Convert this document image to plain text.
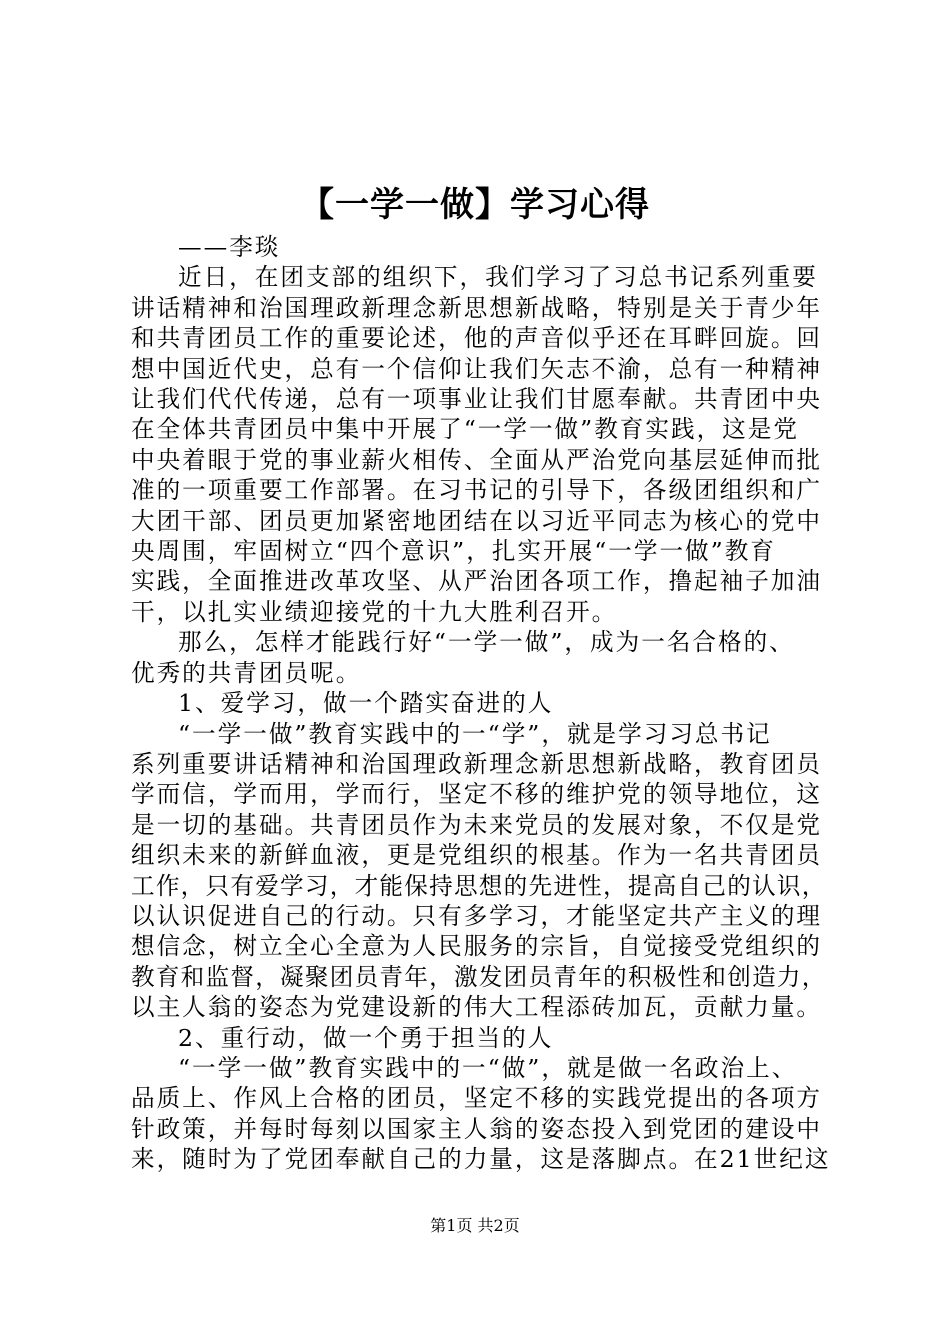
【一学一做】学习心得
——李琰
近日，在团支部的组织下，我们学习了习总书记系列重要
讲话精神和治国理政新理念新思想新战略，特别是关于青少年
和共青团员工作的重要论述，他的声音似乎还在耳畔回旋。回
想中国近代史，总有一个信仰让我们矢志不渝，总有一种精神
让我们代代传递，总有一项事业让我们甘愿奉献。共青团中央
在全体共青团员中集中开展了“一学一做”教育实践，这是党
中央着眼于党的事业薪火相传、全面从严治党向基层延伸而批
准的一项重要工作部署。在习书记的引导下，各级团组织和广
大团干部、团员更加紧密地团结在以习近平同志为核心的党中
央周围，牢固树立“四个意识”，扎实开展“一学一做”教育
实践，全面推进改革攻坚、从严治团各项工作，撸起袖子加油
干，以扎实业绩迎接党的十九大胜利召开。
那么，怎样才能践行好“一学一做”，成为一名合格的、
优秀的共青团员呢。
1、爱学习，做一个踏实奋进的人
“一学一做”教育实践中的一“学”，就是学习习总书记
系列重要讲话精神和治国理政新理念新思想新战略，教育团员
学而信，学而用，学而行，坚定不移的维护党的领导地位，这
是一切的基础。共青团员作为未来党员的发展对象，不仅是党
组织未来的新鲜血液，更是党组织的根基。作为一名共青团员
工作，只有爱学习，才能保持思想的先进性，提高自己的认识，
以认识促进自己的行动。只有多学习，才能坚定共产主义的理
想信念，树立全心全意为人民服务的宗旨，自觉接受党组织的
教育和监督，凝聚团员青年，激发团员青年的积极性和创造力，
以主人翁的姿态为党建设新的伟大工程添砖加瓦，贡献力量。
2、重行动，做一个勇于担当的人
“一学一做”教育实践中的一“做”，就是做一名政治上、
品质上、作风上合格的团员，坚定不移的实践党提出的各项方
针政策，并每时每刻以国家主人翁的姿态投入到党团的建设中
来，随时为了党团奉献自己的力量，这是落脚点。在21世纪这
第1页 共2页
